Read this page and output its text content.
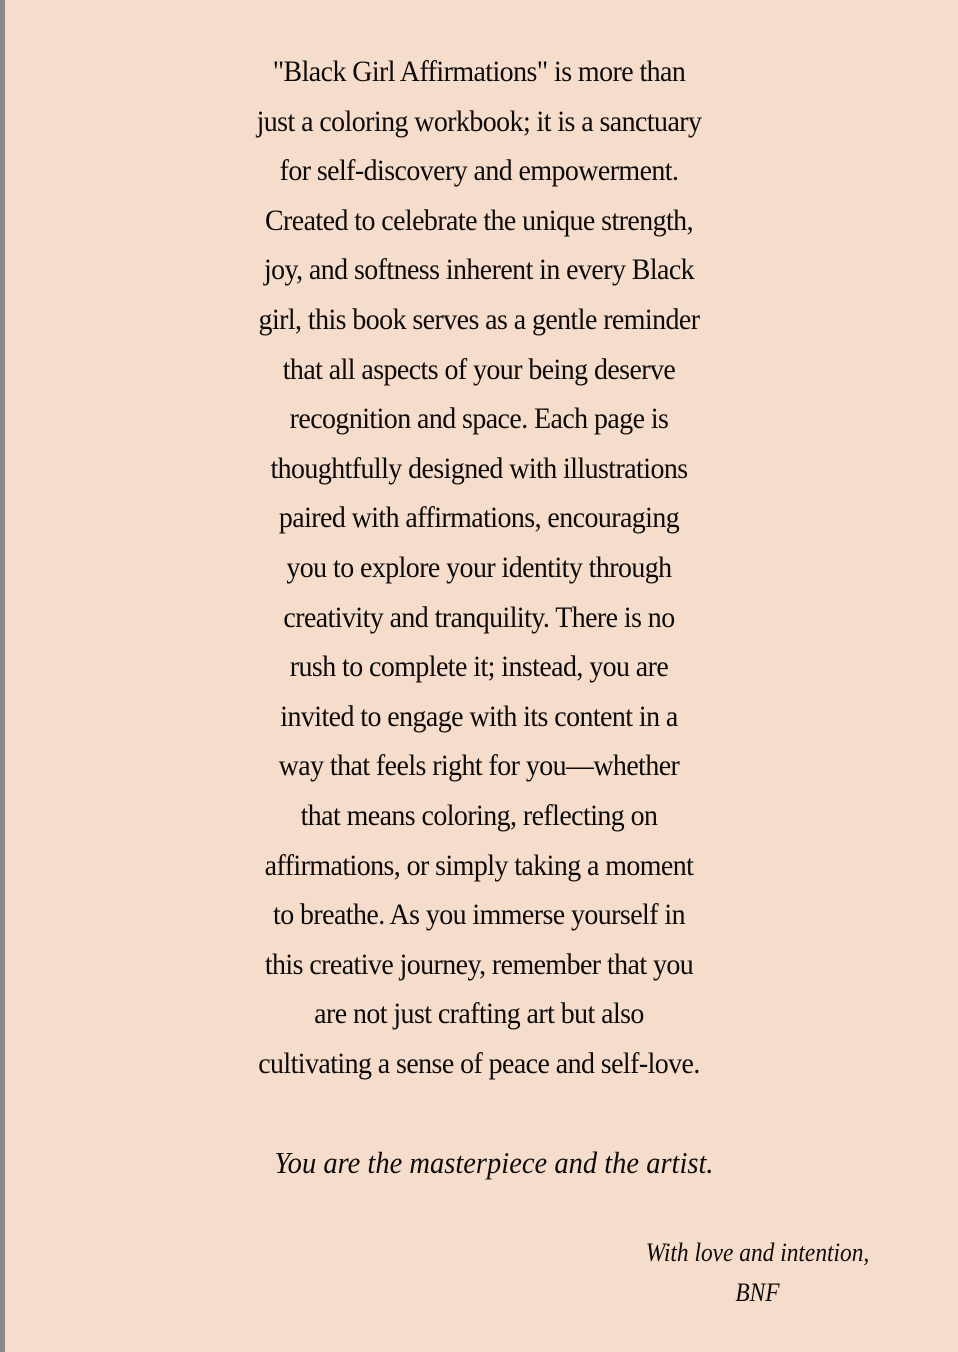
"Black Girl Affirmations" is more than
just a coloring workbook; it is a sanctuary
for self-discovery and empowerment.
Created to celebrate the unique strength,
joy, and softness inherent in every Black
girl, this book serves as a gentle reminder
that all aspects of your being deserve
recognition and space. Each page is
thoughtfully designed with illustrations
paired with affirmations, encouraging
you to explore your identity through
creativity and tranquility. There is no
rush to complete it; instead, you are
invited to engage with its content in a
way that feels right for you—whether
that means coloring, reflecting on
affirmations, or simply taking a moment
to breathe. As you immerse yourself in
this creative journey, remember that you
are not just crafting art but also
cultivating a sense of peace and self-love.
You are the masterpiece and the artist.
With love and intention,
BNF
